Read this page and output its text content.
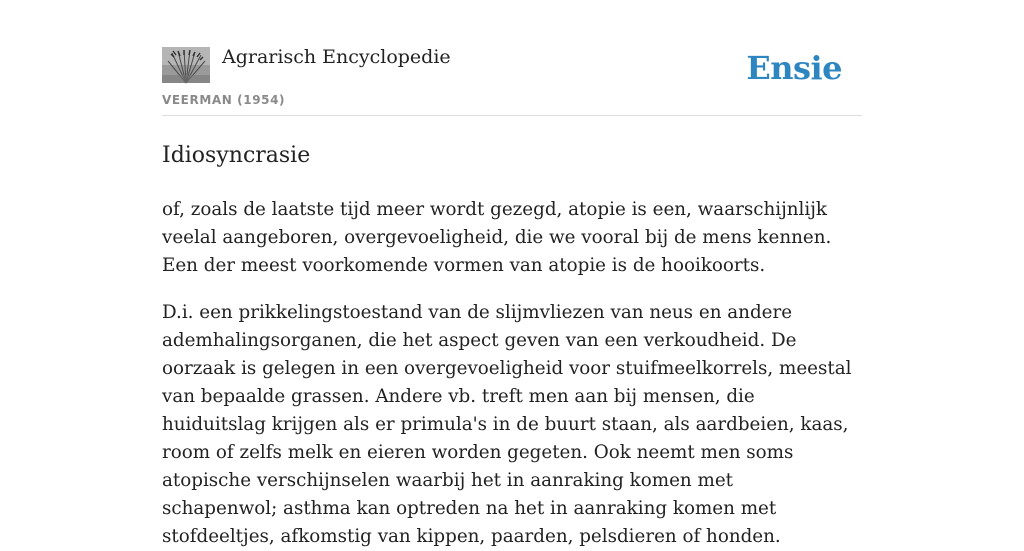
Agrarisch Encyclopedie
VEERMAN (1954)
Ensie
Idiosyncrasie

of, zoals de laatste tijd meer wordt gezegd, atopie is een, waarschijnlijk veelal aangeboren, overgevoeligheid, die we vooral bij de mens kennen. Een der meest voorkomende vormen van atopie is de hooikoorts.

D.i. een prikkelingstoestand van de slijmvliezen van neus en andere ademhalingsorganen, die het aspect geven van een verkoudheid. De oorzaak is gelegen in een overgevoeligheid voor stuifmeelkorrels, meestal van bepaalde grassen. Andere vb. treft men aan bij mensen, die huiduitslag krijgen als er primula's in de buurt staan, als aardbeien, kaas, room of zelfs melk en eieren worden gegeten. Ook neemt men soms atopische verschijnselen waarbij het in aanraking komen met schapenwol; asthma kan optreden na het in aanraking komen met stofdeeltjes, afkomstig van kippen, paarden, pelsdieren of honden.
